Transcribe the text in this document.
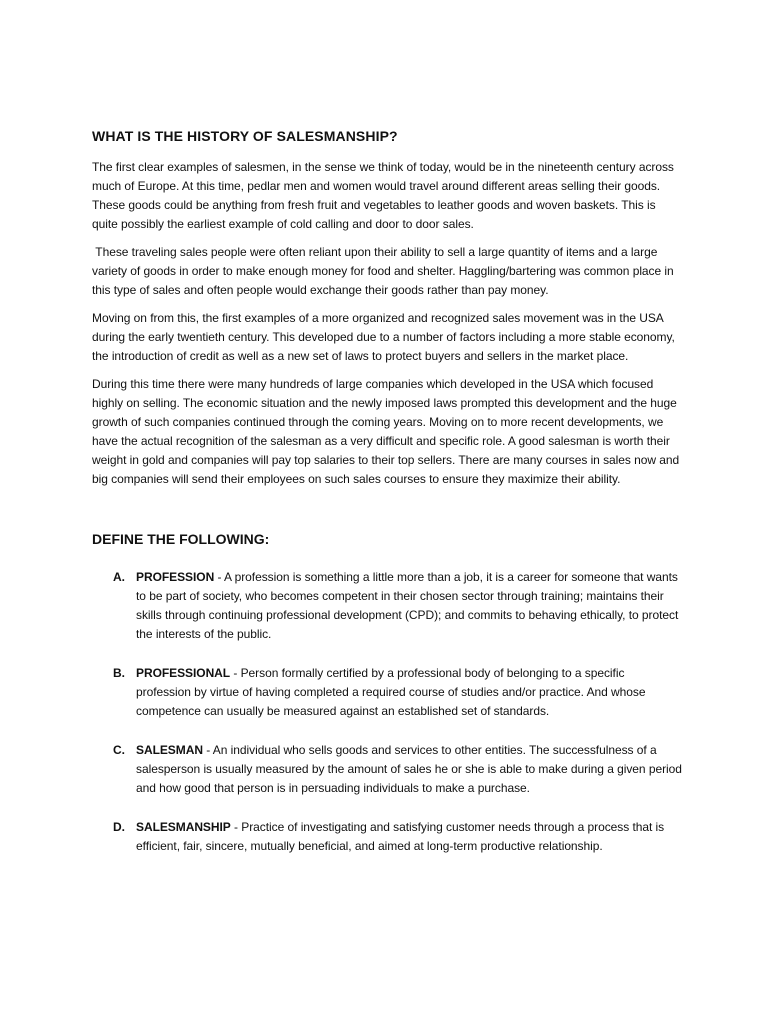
WHAT IS THE HISTORY OF SALESMANSHIP?

The first clear examples of salesmen, in the sense we think of today, would be in the nineteenth century across much of Europe. At this time, pedlar men and women would travel around different areas selling their goods. These goods could be anything from fresh fruit and vegetables to leather goods and woven baskets. This is quite possibly the earliest example of cold calling and door to door sales.

These traveling sales people were often reliant upon their ability to sell a large quantity of items and a large variety of goods in order to make enough money for food and shelter. Haggling/bartering was common place in this type of sales and often people would exchange their goods rather than pay money.

Moving on from this, the first examples of a more organized and recognized sales movement was in the USA during the early twentieth century. This developed due to a number of factors including a more stable economy, the introduction of credit as well as a new set of laws to protect buyers and sellers in the market place.

During this time there were many hundreds of large companies which developed in the USA which focused highly on selling. The economic situation and the newly imposed laws prompted this development and the huge growth of such companies continued through the coming years. Moving on to more recent developments, we have the actual recognition of the salesman as a very difficult and specific role. A good salesman is worth their weight in gold and companies will pay top salaries to their top sellers. There are many courses in sales now and big companies will send their employees on such sales courses to ensure they maximize their ability.

DEFINE THE FOLLOWING:
A. PROFESSION - A profession is something a little more than a job, it is a career for someone that wants to be part of society, who becomes competent in their chosen sector through training; maintains their skills through continuing professional development (CPD); and commits to behaving ethically, to protect the interests of the public.
B. PROFESSIONAL - Person formally certified by a professional body of belonging to a specific profession by virtue of having completed a required course of studies and/or practice. And whose competence can usually be measured against an established set of standards.
C. SALESMAN - An individual who sells goods and services to other entities. The successfulness of a salesperson is usually measured by the amount of sales he or she is able to make during a given period and how good that person is in persuading individuals to make a purchase.
D. SALESMANSHIP - Practice of investigating and satisfying customer needs through a process that is efficient, fair, sincere, mutually beneficial, and aimed at long-term productive relationship.
